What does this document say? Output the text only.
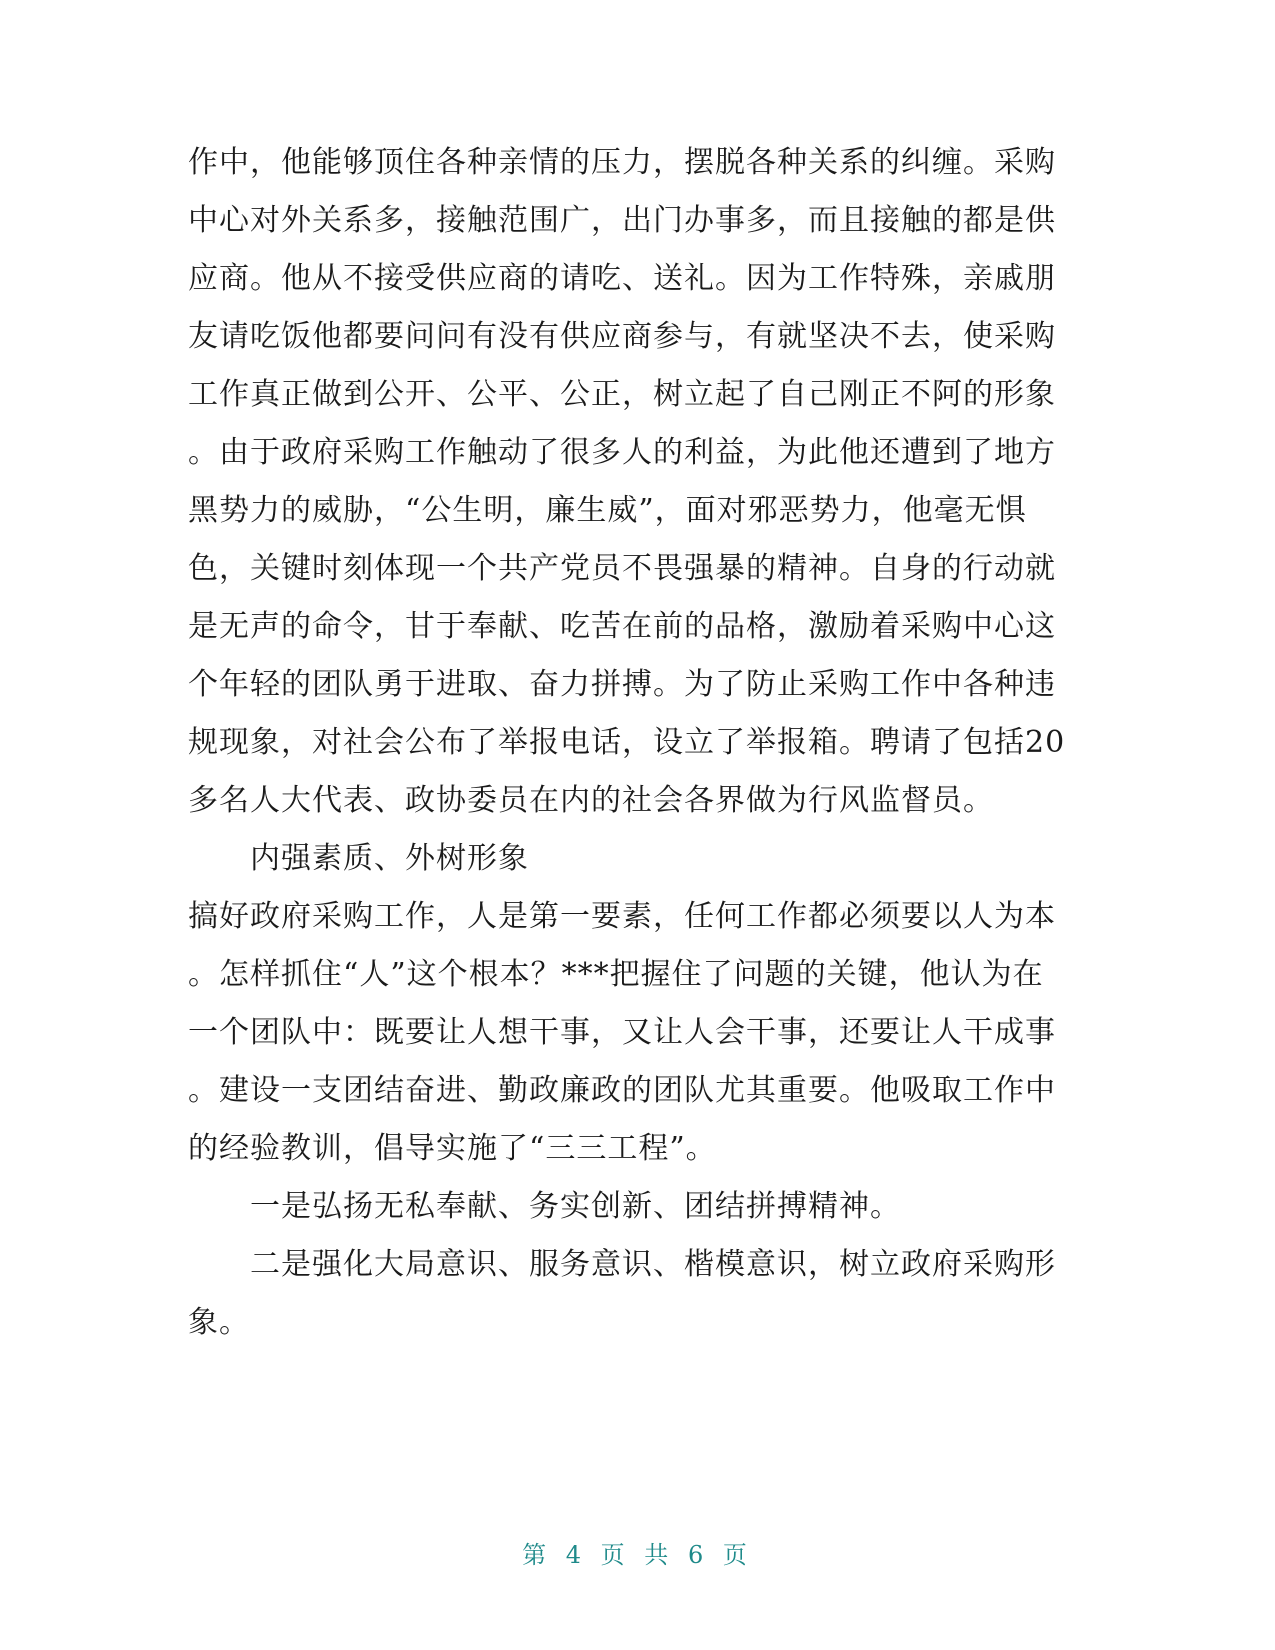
作中，他能够顶住各种亲情的压力，摆脱各种关系的纠缠。采购
中心对外关系多，接触范围广，出门办事多，而且接触的都是供
应商。他从不接受供应商的请吃、送礼。因为工作特殊，亲戚朋
友请吃饭他都要问问有没有供应商参与，有就坚决不去，使采购
工作真正做到公开、公平、公正，树立起了自己刚正不阿的形象
。由于政府采购工作触动了很多人的利益，为此他还遭到了地方
黑势力的威胁，“公生明，廉生威”，面对邪恶势力，他毫无惧
色，关键时刻体现一个共产党员不畏强暴的精神。自身的行动就
是无声的命令，甘于奉献、吃苦在前的品格，激励着采购中心这
个年轻的团队勇于进取、奋力拼搏。为了防止采购工作中各种违
规现象，对社会公布了举报电话，设立了举报箱。聘请了包括20
多名人大代表、政协委员在内的社会各界做为行风监督员。
内强素质、外树形象
搞好政府采购工作，人是第一要素，任何工作都必须要以人为本
。怎样抓住“人”这个根本？***把握住了问题的关键，他认为在
一个团队中：既要让人想干事，又让人会干事，还要让人干成事
。建设一支团结奋进、勤政廉政的团队尤其重要。他吸取工作中
的经验教训，倡导实施了“三三工程”。
一是弘扬无私奉献、务实创新、团结拼搏精神。
二是强化大局意识、服务意识、楷模意识，树立政府采购形
象。
第 4 页 共 6 页
